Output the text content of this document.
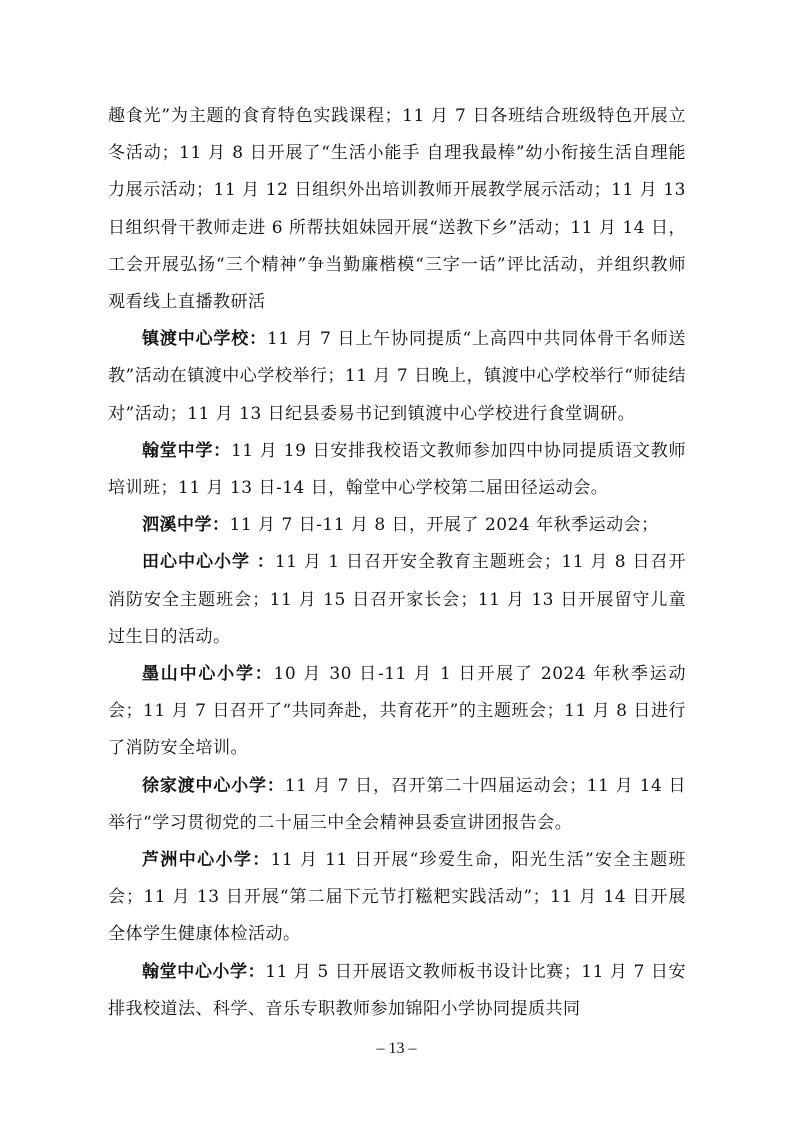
趣食光”为主题的食育特色实践课程；11 月 7 日各班结合班级特色开展立冬活动；11 月 8 日开展了“生活小能手 自理我最棒”幼小衔接生活自理能力展示活动；11 月 12 日组织外出培训教师开展教学展示活动；11 月 13 日组织骨干教师走进 6 所帮扶姐妹园开展“送教下乡”活动；11 月 14 日，工会开展弘扬“三个精神”争当勤廉楷模“三字一话”评比活动，并组织教师观看线上直播教研活

镇渡中心学校：11 月 7 日上午协同提质“上高四中共同体骨干名师送教”活动在镇渡中心学校举行；11 月 7 日晚上，镇渡中心学校举行“师徒结对”活动；11 月 13 日纪县委易书记到镇渡中心学校进行食堂调研。

翰堂中学：11 月 19 日安排我校语文教师参加四中协同提质语文教师培训班；11 月 13 日-14 日，翰堂中心学校第二届田径运动会。

泗溪中学：11 月 7 日-11 月 8 日，开展了 2024 年秋季运动会；

田心中心小学 ：11 月 1 日召开安全教育主题班会；11 月 8 日召开消防安全主题班会；11 月 15 日召开家长会；11 月 13 日开展留守儿童过生日的活动。

墨山中心小学：10 月 30 日-11 月 1 日开展了 2024 年秋季运动会；11 月 7 日召开了“共同奔赴，共育花开”的主题班会；11 月 8 日进行了消防安全培训。

徐家渡中心小学：11 月 7 日，召开第二十四届运动会；11 月 14 日举行“学习贯彻党的二十届三中全会精神县委宣讲团报告会。

芦洲中心小学：11 月 11 日开展“珍爱生命，阳光生活”安全主题班会；11 月 13 日开展“第二届下元节打糍粑实践活动”；11 月 14 日开展全体学生健康体检活动。

翰堂中心小学：11 月 5 日开展语文教师板书设计比赛；11 月 7 日安排我校道法、科学、音乐专职教师参加锦阳小学协同提质共同

– 13 –
